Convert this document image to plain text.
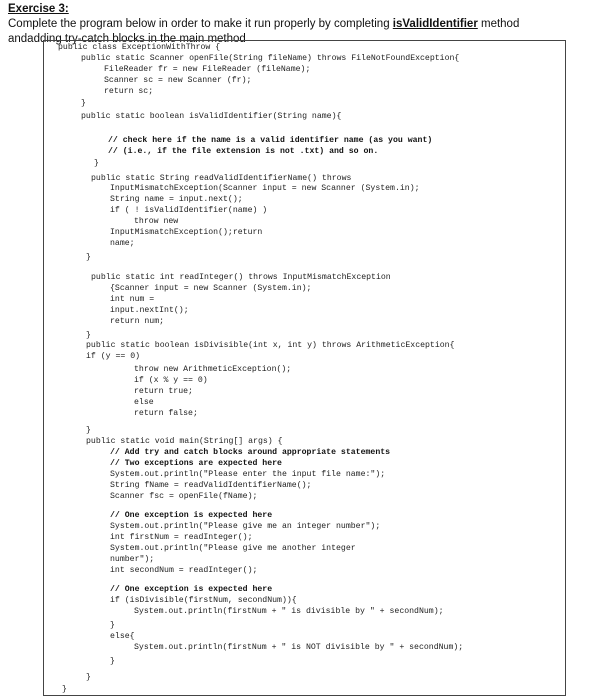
Exercise 3:
Complete the program below in order to make it run properly by completing isValidIdentifier method
andadding try-catch blocks in the main method
public class ExceptionWithThrow {
public static Scanner openFile(String fileName) throws FileNotFoundException{
FileReader fr = new FileReader (fileName);
Scanner sc = new Scanner (fr);
return sc;
}
public static boolean isValidIdentifier(String name){
// check here if the name is a valid identifier name (as you want)
// (i.e., if the file extension is not .txt) and so on.
}
public static String readValidIdentifierName() throws
InputMismatchException(Scanner input = new Scanner (System.in);
String name = input.next();
if ( ! isValidIdentifier(name) )
throw new
InputMismatchException();return
name;
}
public static int readInteger() throws InputMismatchException
{Scanner input = new Scanner (System.in);
int num =
input.nextInt();
return num;
}
public static boolean isDivisible(int x, int y) throws ArithmeticException{
if (y == 0)
throw new ArithmeticException();
if (x % y == 0)
return true;
else
return false;
}
public static void main(String[] args) {
// Add try and catch blocks around appropriate statements
// Two exceptions are expected here
System.out.println("Please enter the input file name:");
String fName = readValidIdentifierName();
Scanner fsc = openFile(fName);
// One exception is expected here
System.out.println("Please give me an integer number");
int firstNum = readInteger();
System.out.println("Please give me another integer
number");
int secondNum = readInteger();
// One exception is expected here
if (isDivisible(firstNum, secondNum)){
System.out.println(firstNum + " is divisible by " + secondNum);
}
else{
System.out.println(firstNum + " is NOT divisible by " + secondNum);
}
}
}
